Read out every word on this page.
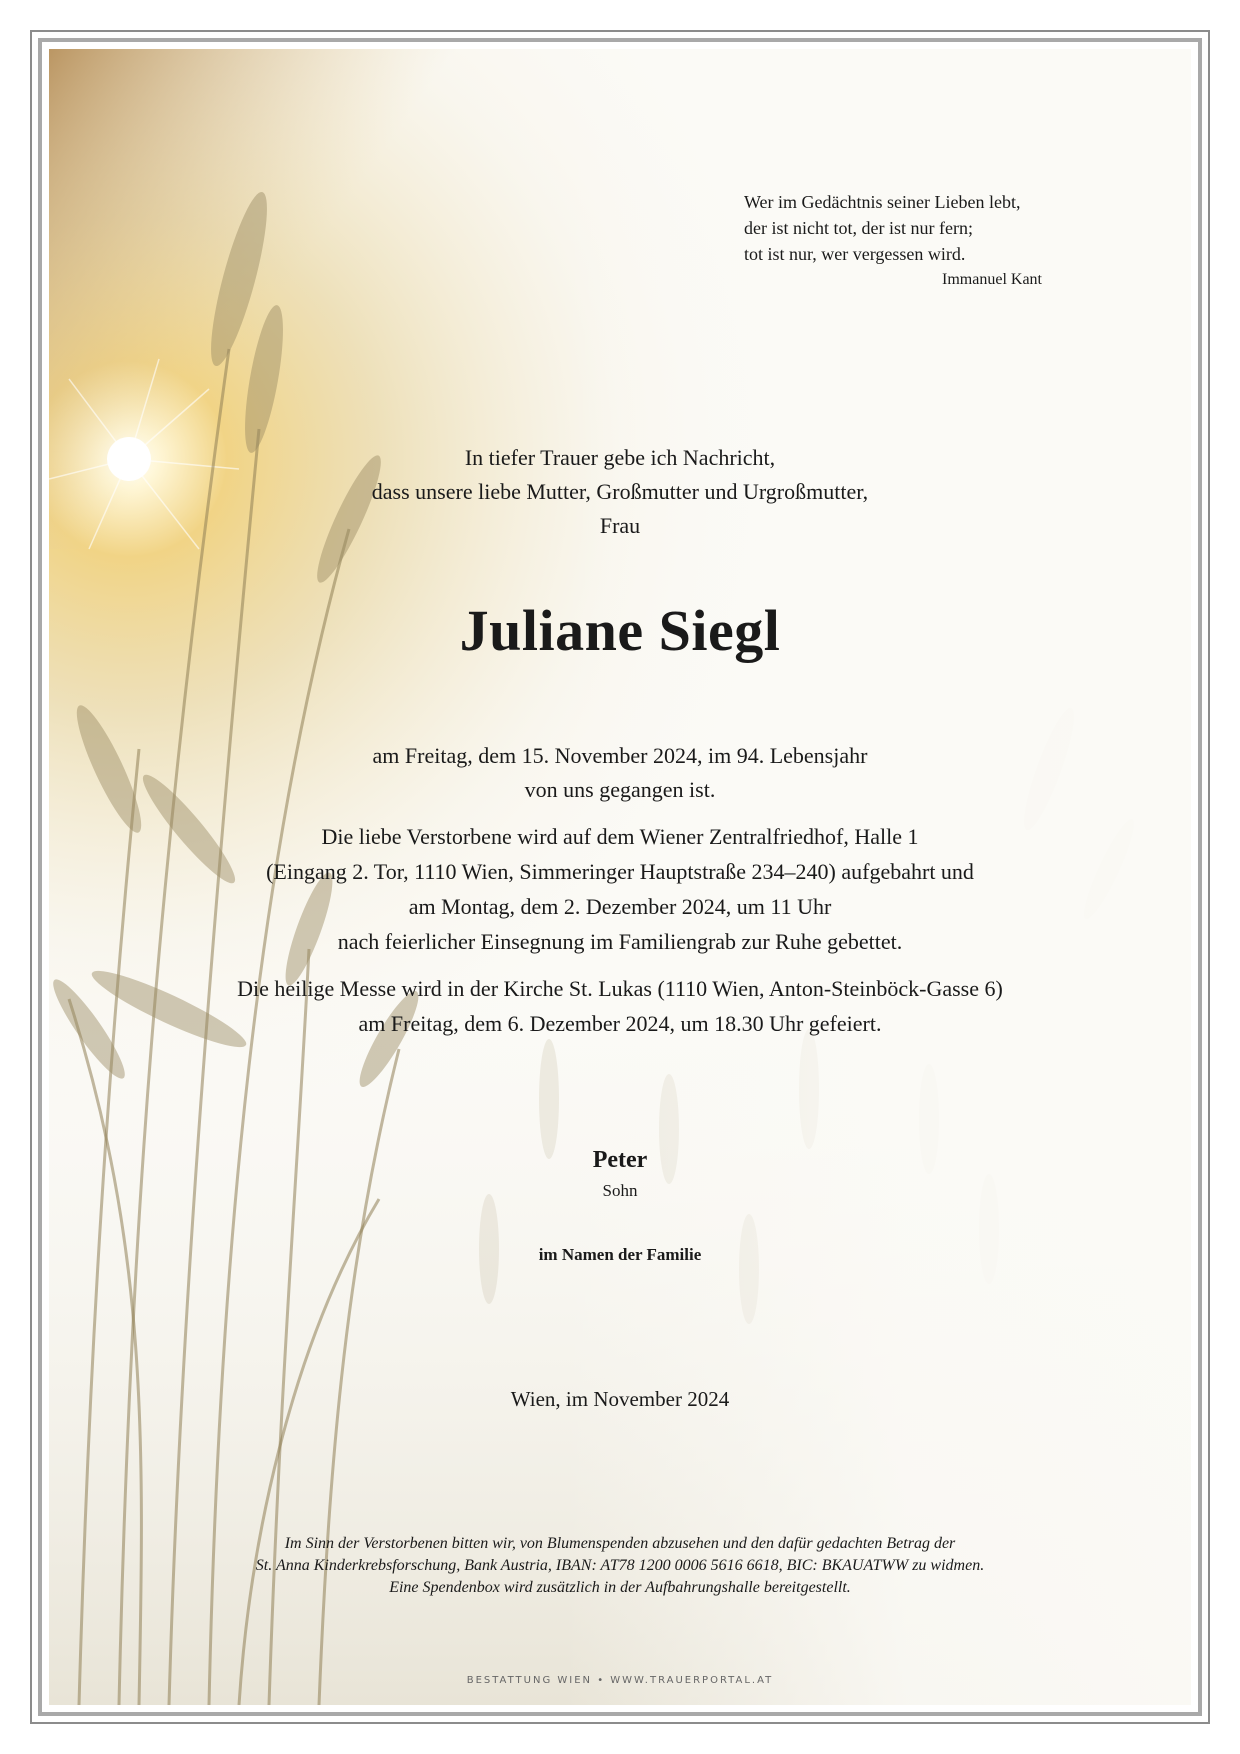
Wer im Gedächtnis seiner Lieben lebt,
der ist nicht tot, der ist nur fern;
tot ist nur, wer vergessen wird.
Immanuel Kant
In tiefer Trauer gebe ich Nachricht,
dass unsere liebe Mutter, Großmutter und Urgroßmutter,
Frau
Juliane Siegl
am Freitag, dem 15. November 2024, im 94. Lebensjahr
von uns gegangen ist.
Die liebe Verstorbene wird auf dem Wiener Zentralfriedhof, Halle 1
(Eingang 2. Tor, 1110 Wien, Simmeringer Hauptstraße 234–240) aufgebahrt und
am Montag, dem 2. Dezember 2024, um 11 Uhr
nach feierlicher Einsegnung im Familiengrab zur Ruhe gebettet.
Die heilige Messe wird in der Kirche St. Lukas (1110 Wien, Anton-Steinböck-Gasse 6)
am Freitag, dem 6. Dezember 2024, um 18.30 Uhr gefeiert.
Peter
Sohn
im Namen der Familie
Wien, im November 2024
Im Sinn der Verstorbenen bitten wir, von Blumenspenden abzusehen und den dafür gedachten Betrag der
St. Anna Kinderkrebsforschung, Bank Austria, IBAN: AT78 1200 0006 5616 6618, BIC: BKAUATWW zu widmen.
Eine Spendenbox wird zusätzlich in der Aufbahrungshalle bereitgestellt.
BESTATTUNG WIEN • WWW.TRAUERPORTAL.AT
